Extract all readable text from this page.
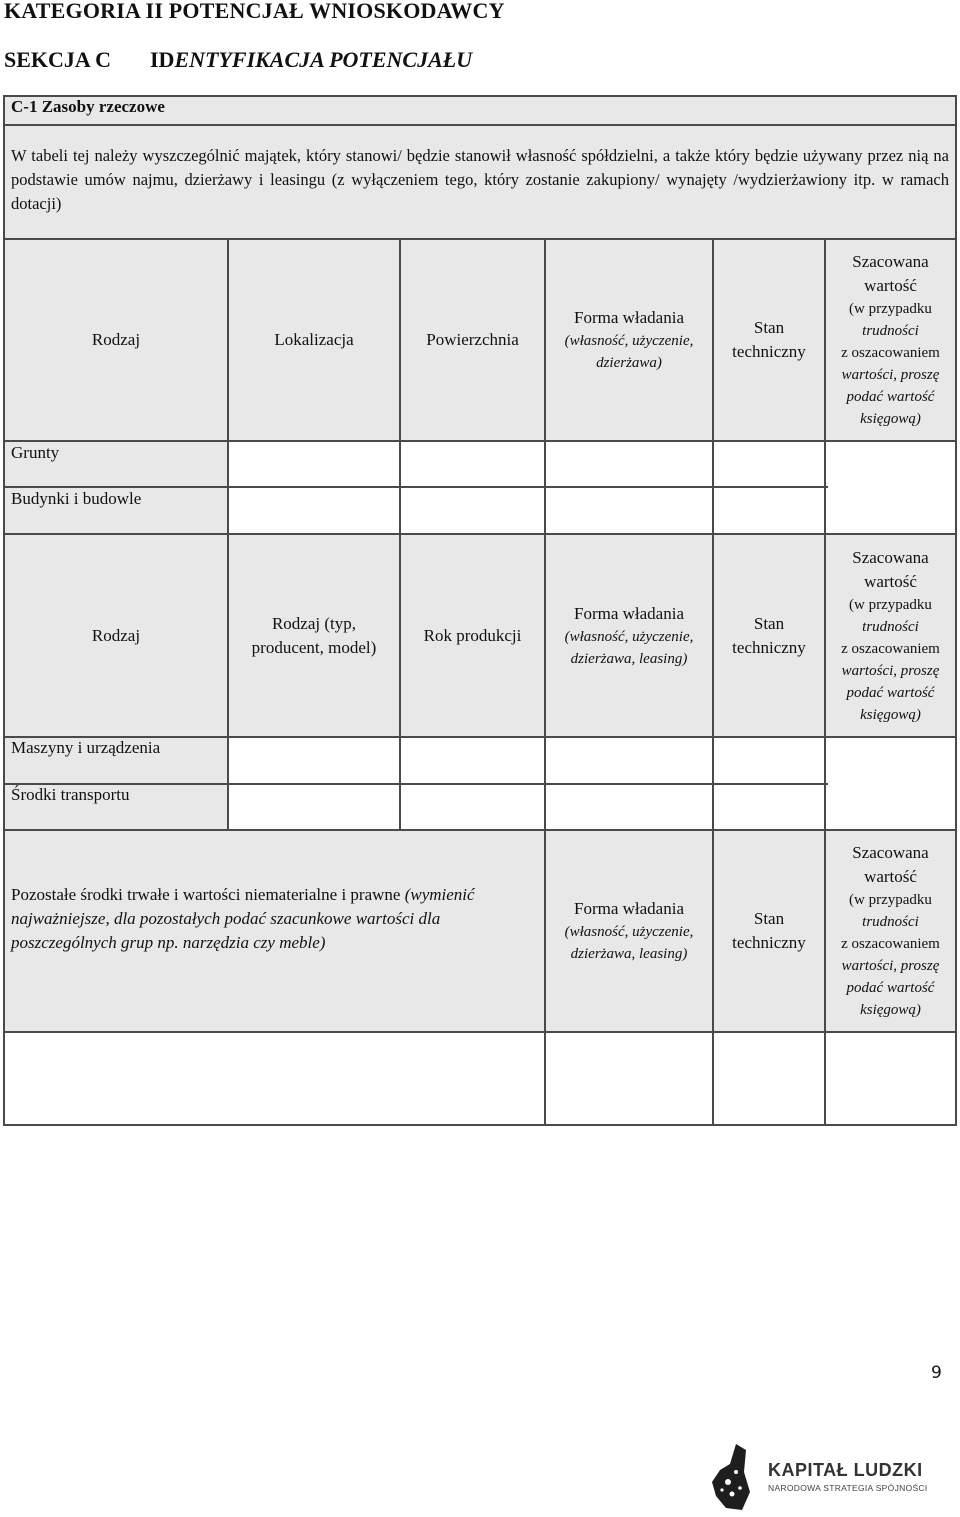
KATEGORIA II POTENCJAŁ WNIOSKODAWCY
SEKCJA C IDENTYFIKACJA POTENCJAŁU
C-1 Zasoby rzeczowe
W tabeli tej należy wyszczególnić majątek, który stanowi/ będzie stanowił własność spółdzielni, a także który będzie używany przez nią na podstawie umów najmu, dzierżawy i leasingu (z wyłączeniem tego, który zostanie zakupiony/ wynajęty /wydzierżawiony itp. w ramach dotacji)
Rodzaj	Lokalizacja	Powierzchnia
Forma władania
(własność, użyczenie, dzierżawa)
Stan
techniczny
Szacowana
wartość
(w przypadku
trudności
z oszacowaniem
wartości, proszę
podać wartość
księgową)
Grunty
Budynki i budowle
Rodzaj
Rodzaj (typ,
producent, model)
Rok produkcji
Forma władania
(własność, użyczenie,
dzierżawa, leasing)
Stan
techniczny
Szacowana
wartość
(w przypadku
trudności
z oszacowaniem
wartości, proszę
podać wartość
księgową)
Maszyny i urządzenia
Środki transportu
Pozostałe środki trwałe i wartości niematerialne i prawne (wymienić najważniejsze, dla pozostałych podać szacunkowe wartości dla poszczególnych grup np. narzędzia czy meble)
Forma władania
(własność, użyczenie,
dzierżawa, leasing)
Stan
techniczny
Szacowana
wartość
(w przypadku
trudności
z oszacowaniem
wartości, proszę
podać wartość
księgową)
9
KAPITAŁ LUDZKI
NARODOWA STRATEGIA SPÓJNOŚCI
